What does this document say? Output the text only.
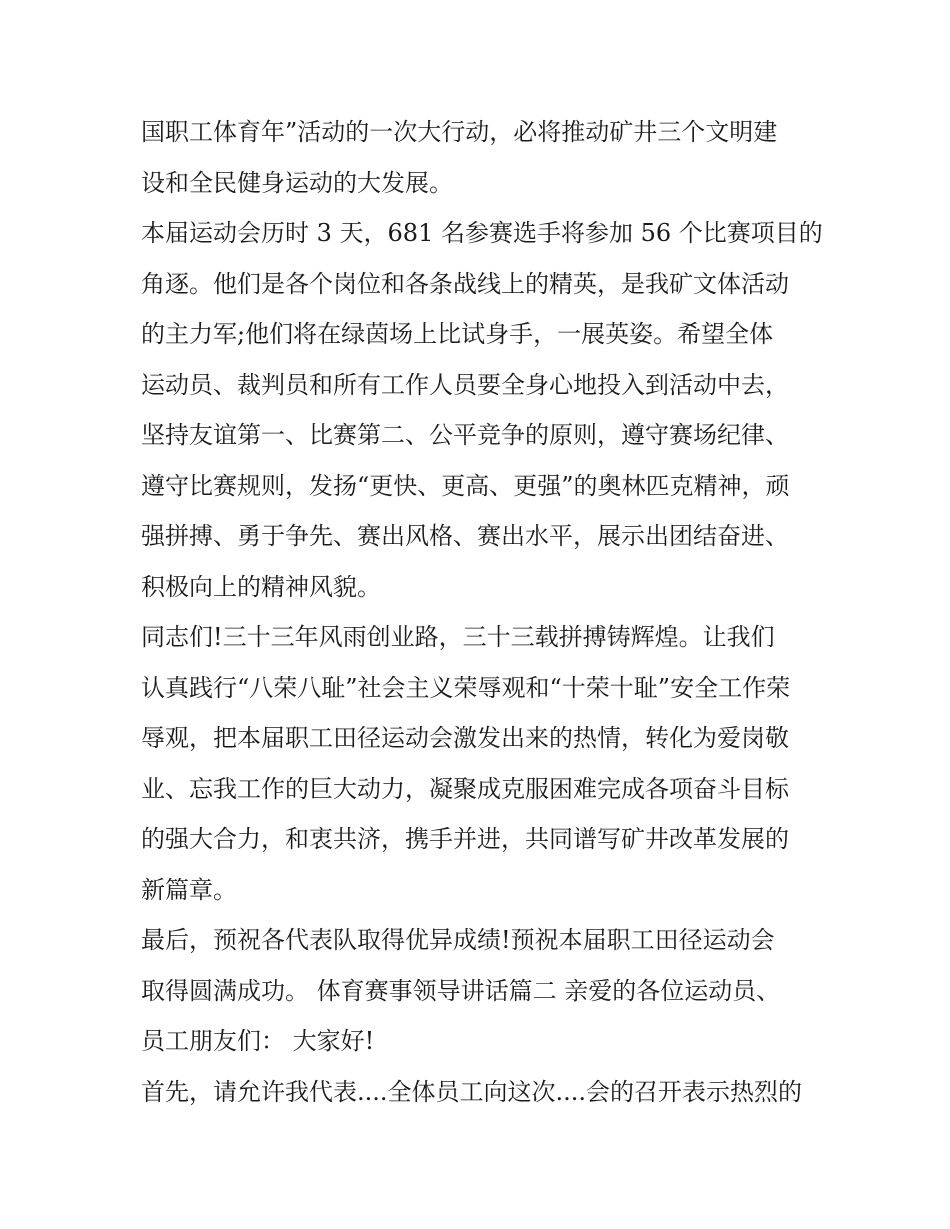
国职工体育年”活动的一次大行动，必将推动矿井三个文明建
设和全民健身运动的大发展。

本届运动会历时 3 天，681 名参赛选手将参加 56 个比赛项目的
角逐。他们是各个岗位和各条战线上的精英，是我矿文体活动
的主力军;他们将在绿茵场上比试身手，一展英姿。希望全体
运动员、裁判员和所有工作人员要全身心地投入到活动中去，
坚持友谊第一、比赛第二、公平竞争的原则，遵守赛场纪律、
遵守比赛规则，发扬“更快、更高、更强”的奥林匹克精神，顽
强拼搏、勇于争先、赛出风格、赛出水平，展示出团结奋进、
积极向上的精神风貌。

同志们!三十三年风雨创业路，三十三载拼搏铸辉煌。让我们
认真践行“八荣八耻”社会主义荣辱观和“十荣十耻”安全工作荣
辱观，把本届职工田径运动会激发出来的热情，转化为爱岗敬
业、忘我工作的巨大动力，凝聚成克服困难完成各项奋斗目标
的强大合力，和衷共济，携手并进，共同谱写矿井改革发展的
新篇章。

最后，预祝各代表队取得优异成绩!预祝本届职工田径运动会
取得圆满成功。 体育赛事领导讲话篇二 亲爱的各位运动员、
员工朋友们： 大家好!

首先，请允许我代表....全体员工向这次....会的召开表示热烈的
